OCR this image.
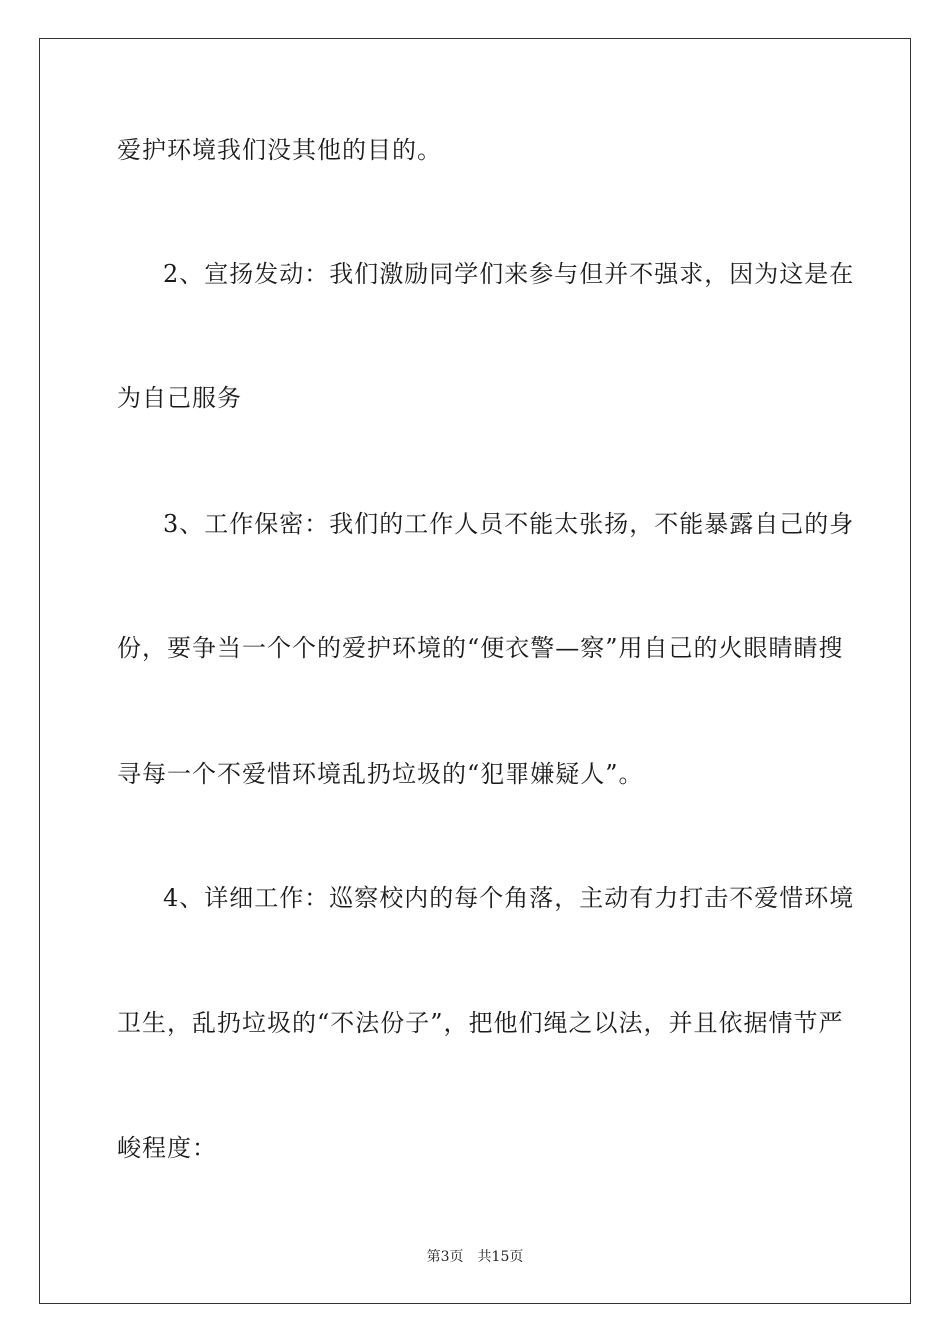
爱护环境我们没其他的目的。
2、宣扬发动：我们激励同学们来参与但并不强求，因为这是在
为自己服务
3、工作保密：我们的工作人员不能太张扬，不能暴露自己的身
份，要争当一个个的爱护环境的“便衣警—察”用自己的火眼睛睛搜
寻每一个不爱惜环境乱扔垃圾的“犯罪嫌疑人”。
4、详细工作：巡察校内的每个角落，主动有力打击不爱惜环境
卫生，乱扔垃圾的“不法份子”，把他们绳之以法，并且依据情节严
峻程度：
第3页 共15页
